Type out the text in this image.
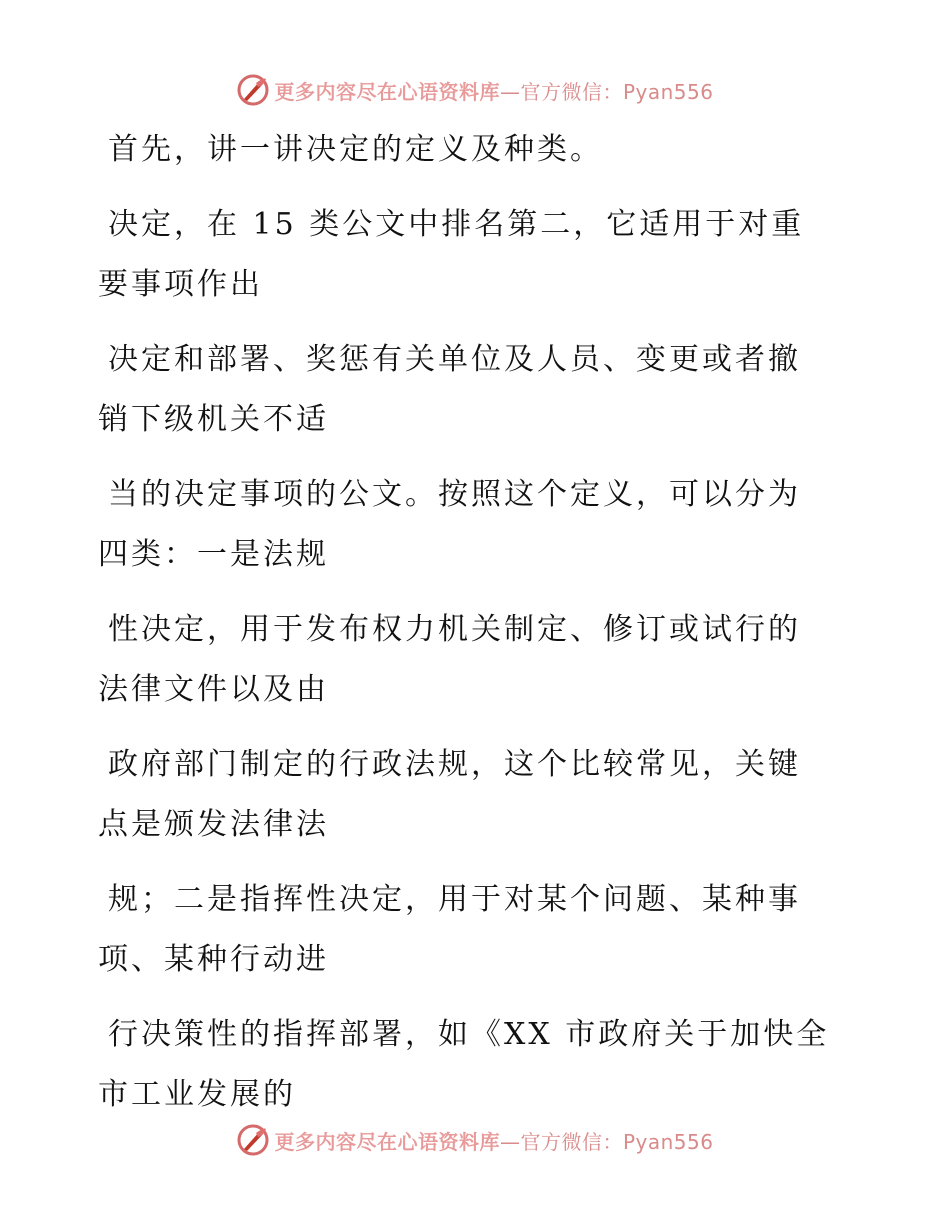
更多内容尽在心语资料库—官方微信：Pyan556

首先，讲一讲决定的定义及种类。

决定，在 15 类公文中排名第二，它适用于对重
要事项作出

决定和部署、奖惩有关单位及人员、变更或者撤
销下级机关不适

当的决定事项的公文。按照这个定义，可以分为
四类：一是法规

性决定，用于发布权力机关制定、修订或试行的
法律文件以及由

政府部门制定的行政法规，这个比较常见，关键
点是颁发法律法

规；二是指挥性决定，用于对某个问题、某种事
项、某种行动进

行决策性的指挥部署，如《XX 市政府关于加快全
市工业发展的

更多内容尽在心语资料库—官方微信：Pyan556
